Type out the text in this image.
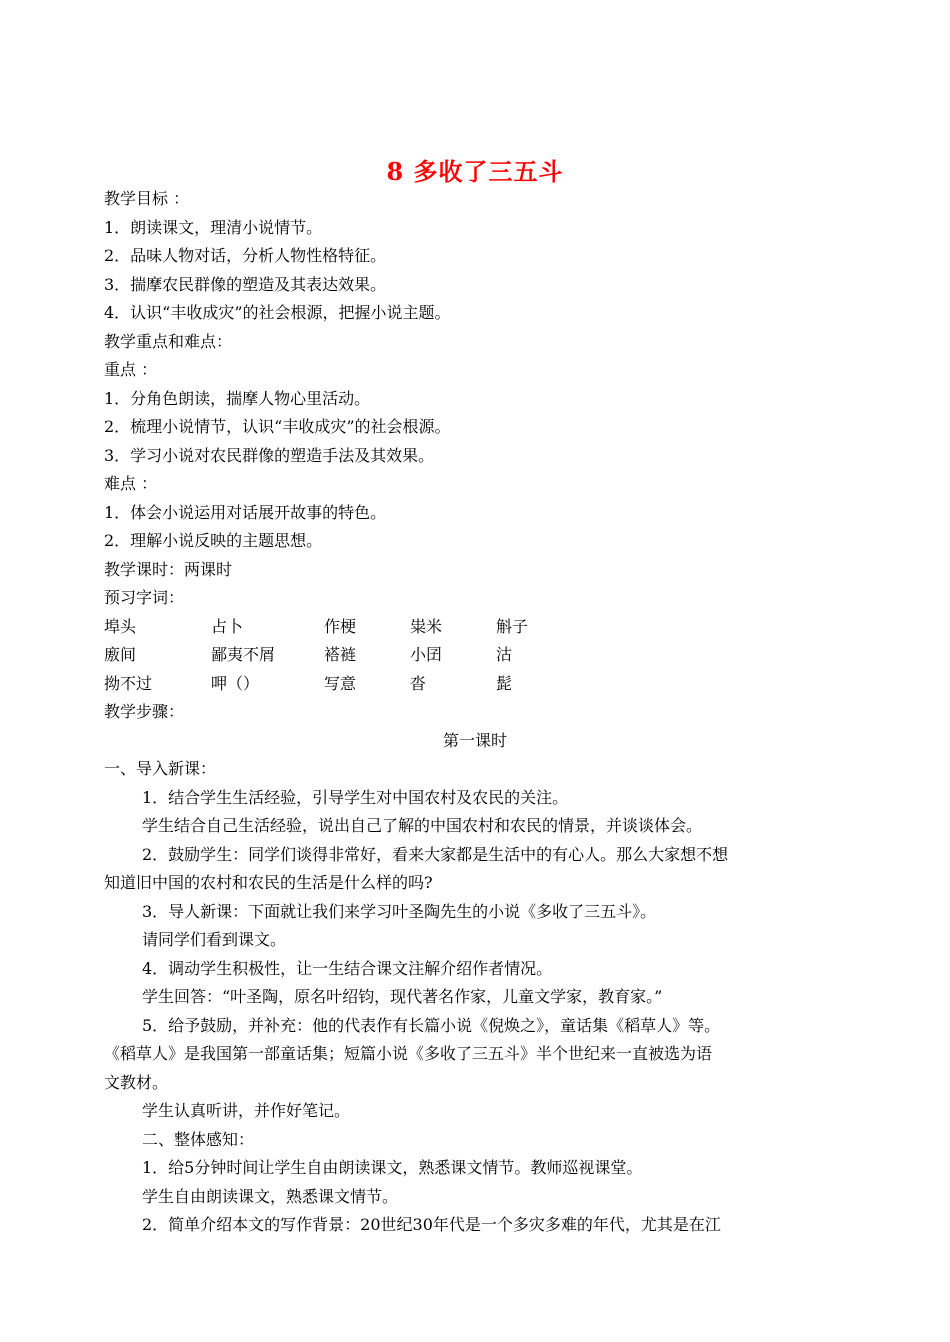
8 多收了三五斗
教学目标 ：
1．朗读课文，理清小说情节。
2．品味人物对话，分析人物性格特征。
3．揣摩农民群像的塑造及其表达效果。
4．认识“丰收成灾”的社会根源，把握小说主题。
教学重点和难点：
重点 ：
1．分角色朗读，揣摩人物心里活动。
2．梳理小说情节，认识“丰收成灾”的社会根源。
3．学习小说对农民群像的塑造手法及其效果。
难点 ：
1．体会小说运用对话展开故事的特色。
2．理解小说反映的主题思想。
教学课时：两课时
预习字词：
埠头	占卜	作梗	粜米	斛子
廒间	鄙夷不屑	褡裢	小囝	沽
拗不过	呷（）	写意	沓	髭
教学步骤：
第一课时
一、导入新课：
1．结合学生生活经验，引导学生对中国农村及农民的关注。
学生结合自己生活经验，说出自己了解的中国农村和农民的情景，并谈谈体会。
2．鼓励学生：同学们谈得非常好，看来大家都是生活中的有心人。那么大家想不想
知道旧中国的农村和农民的生活是什么样的吗?
3．导人新课：下面就让我们来学习叶圣陶先生的小说《多收了三五斗》。
请同学们看到课文。
4．调动学生积极性，让一生结合课文注解介绍作者情况。
学生回答：“叶圣陶，原名叶绍钧，现代著名作家，儿童文学家，教育家。”
5．给予鼓励，并补充：他的代表作有长篇小说《倪焕之》，童话集《稻草人》等。
《稻草人》是我国第一部童话集；短篇小说《多收了三五斗》半个世纪来一直被选为语
文教材。
学生认真听讲，并作好笔记。
二、整体感知：
1．给5分钟时间让学生自由朗读课文，熟悉课文情节。教师巡视课堂。
学生自由朗读课文，熟悉课文情节。
2．简单介绍本文的写作背景：20世纪30年代是一个多灾多难的年代，尤其是在江
